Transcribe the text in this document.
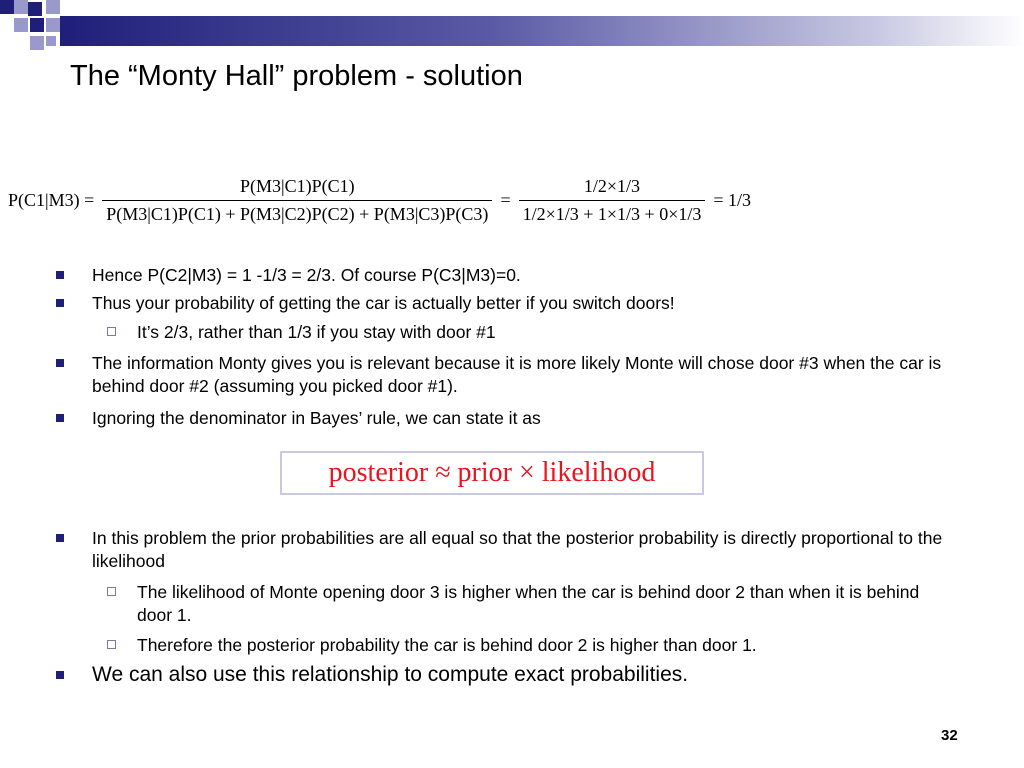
The “Monty Hall” problem - solution
$P(C1|M3) = \frac{P(M3|C1)P(C1)}{P(M3|C1)P(C1) + P(M3|C2)P(C2) + P(M3|C3)P(C3)} = \frac{1/2\times 1/3}{1/2\times 1/3 + 1\times 1/3 + 0\times 1/3} = 1/3$
Hence P(C2|M3) = 1 -1/3 = 2/3. Of course P(C3|M3)=0.
Thus your probability of getting the car is actually better if you switch doors!
It’s 2/3, rather than 1/3 if you stay with door #1
The information Monty gives you is relevant because it is more likely Monte will chose door #3 when the car is behind door #2 (assuming you picked door #1).
Ignoring the denominator in Bayes’ rule, we can state it as
posterior ≈ prior × likelihood
In this problem the prior probabilities are all equal so that the posterior probability is directly proportional to the likelihood
The likelihood of Monte opening door 3 is higher when the car is behind door 2 than when it is behind door 1.
Therefore the posterior probability the car is behind door 2 is higher than door 1.
We can also use this relationship to compute exact probabilities.
32
